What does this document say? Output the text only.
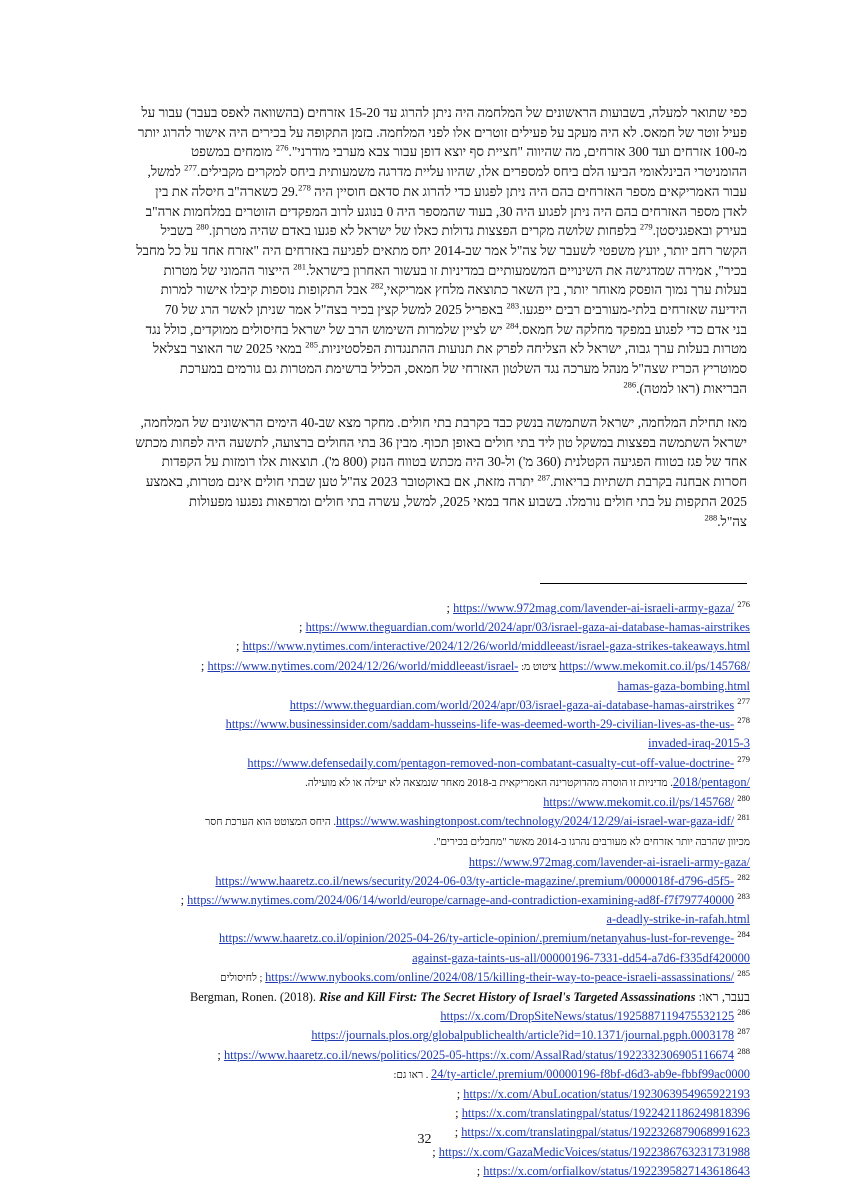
כפי שתואר למעלה, בשבועות הראשונים של המלחמה היה ניתן להרוג עד 15-20 אזרחים (בהשוואה לאפס בעבר) עבור על
פעיל זוטר של חמאס. לא היה מעקב על פעילים זוטרים אלו לפני המלחמה. בזמן התקופה על בכירים היה אישור להרוג יותר
מ-100 אזרחים ועד 300 אזרחים, מה שהיווה "חציית סף יוצא דופן עבור צבא מערבי מודרני".$^{276}$ מומחים במשפט
ההומניטרי הבינלאומי הביעו הלם ביחס למספרים אלו, שהיוו עליית מדרגה משמעותית ביחס למקרים מקבילים.$^{277}$ למשל,
עבור האמריקאים מספר האזרחים בהם היה ניתן לפגוע כדי להרוג את סדאם חוסיין היה 29.$^{278}$ כשארה"ב חיסלה את בין
לאדן מספר האזרחים בהם היה ניתן לפגוע היה 30, בעוד שהמספר היה 0 בנוגע לרוב המפקדים הזוטרים במלחמות ארה"ב
בעירק ובאפגניסטן.$^{279}$ בלפחות שלושה מקרים הפצצות גדולות כאלו של ישראל לא פגעו באדם שהיה מטרתן.$^{280}$ בשביל
הקשר רחב יותר, יועץ משפטי לשעבר של צה"ל אמר שב-2014 יחס מתאים לפגיעה באזרחים היה "אזרח אחד על כל מחבל
בכיר", אמירה שמדגישה את השינויים המשמעותיים במדיניות זו בעשור האחרון בישראל.$^{281}$ הייצור ההמוני של מטרות
בעלות ערך נמוך הופסק מאוחר יותר, בין השאר כתוצאה מלחץ אמריקאי,$^{282}$ אבל התקופות נוספות קיבלו אישור למרות
הידיעה שאזרחים בלתי-מעורבים רבים ייפגעו.$^{283}$ באפריל 2025 למשל קצין בכיר בצה"ל אמר שניתן לאשר הרג של 70
בני אדם כדי לפגוע במפקד מחלקה של חמאס.$^{284}$ יש לציין שלמרות השימוש הרב של ישראל בחיסולים ממוקדים, כולל נגד
מטרות בעלות ערך גבוה, ישראל לא הצליחה לפרק את תנועות ההתנגדות הפלסטיניות.$^{285}$ במאי 2025 שר האוצר בצלאל
סמוטריץ הכריז שצה"ל מנהל מערכה נגד השלטון האזרחי של חמאס, הכליל ברשימת המטרות גם גורמים במערכת
הבריאות (ראו למטה).$^{286}$
מאז תחילת המלחמה, ישראל השתמשה בנשק כבד בקרבת בתי חולים. מחקר מצא שב-40 הימים הראשונים של המלחמה,
ישראל השתמשה בפצצות במשקל טון ליד בתי חולים באופן תכוף. מבין 36 בתי החולים ברצועה, לתשעה היה לפחות מכתש
אחד של פגז בטווח הפגיעה הקטלנית (360 מ') ול-30 היה מכתש בטווח הנזק (800 מ'). תוצאות אלו רומזות על הקפדות
חסרות אבחנה בקרבת תשתיות בריאות.$^{287}$ יתרה מזאת, אם באוקטובר 2023 צה"ל טען שבתי חולים אינם מטרות, באמצע
2025 התקפות על בתי חולים נורמלו. בשבוע אחד במאי 2025, למשל, עשרה בתי חולים ומרפאות נפגעו מפעולות
צה"ל.$^{288}$
$^{276}$ https://www.972mag.com/lavender-ai-israeli-army-gaza/ ;
https://www.theguardian.com/world/2024/apr/03/israel-gaza-ai-database-hamas-airstrikes ;
https://www.nytimes.com/interactive/2024/12/26/world/middleeast/israel-gaza-strikes-takeaways.html ;
https://www.mekomit.co.il/ps/145768/ ציטוט מ: https://www.nytimes.com/2024/12/26/world/middleeast/israel- ;
hamas-gaza-bombing.html
$^{277}$ https://www.theguardian.com/world/2024/apr/03/israel-gaza-ai-database-hamas-airstrikes
$^{278}$ https://www.businessinsider.com/saddam-husseins-life-was-deemed-worth-29-civilian-lives-as-the-us-
invaded-iraq-2015-3
$^{279}$ https://www.defensedaily.com/pentagon-removed-non-combatant-casualty-cut-off-value-doctrine-
2018/pentagon/. מדיניות זו הוסרה מהדוקטרינה האמריקאית ב-2018 מאחר שנמצאה לא יעילה או לא מועילה.
$^{280}$ https://www.mekomit.co.il/ps/145768/
$^{281}$ https://www.washingtonpost.com/technology/2024/12/29/ai-israel-war-gaza-idf/. היחס המצוטט הוא הערכת חסר
מכיוון שהרבה יותר אזרחים לא מעורבים נהרגו ב-2014 מאשר "מחבלים בכירים".
https://www.972mag.com/lavender-ai-israeli-army-gaza/
$^{282}$ https://www.haaretz.co.il/news/security/2024-06-03/ty-article-magazine/.premium/0000018f-d796-d5f5-
$^{283}$ ad8f-f7f797740000https://www.nytimes.com/2024/06/14/world/europe/carnage-and-contradiction-examining- ;
a-deadly-strike-in-rafah.html
$^{284}$ https://www.haaretz.co.il/opinion/2025-04-26/ty-article-opinion/.premium/netanyahus-lust-for-revenge-
against-gaza-taints-us-all/00000196-7331-dd54-a7d6-f335df420000
$^{285}$ https://www.nybooks.com/online/2024/08/15/killing-their-way-to-peace-israeli-assassinations/ ; לחיסולים
בעבר, ראו: Bergman, Ronen. (2018). Rise and Kill First: The Secret History of Israel's Targeted Assassinations
$^{286}$ https://x.com/DropSiteNews/status/1925887119475532125
$^{287}$ https://journals.plos.org/globalpublichealth/article?id=10.1371/journal.pgph.0003178
$^{288}$ https://x.com/AssalRad/status/1922332306905116674https://www.haaretz.co.il/news/politics/2025-05- ;
24/ty-article/.premium/00000196-f8bf-d6d3-ab9e-fbbf99ac0000 . ראו גם:
https://x.com/AbuLocation/status/1923063954965922193 ;
https://x.com/translatingpal/status/1922421186249818396 ;
https://x.com/translatingpal/status/1922326879068991623 ;
https://x.com/GazaMedicVoices/status/1922386763231731988 ;
https://x.com/orfialkov/status/1922395827143618643 ;
32
